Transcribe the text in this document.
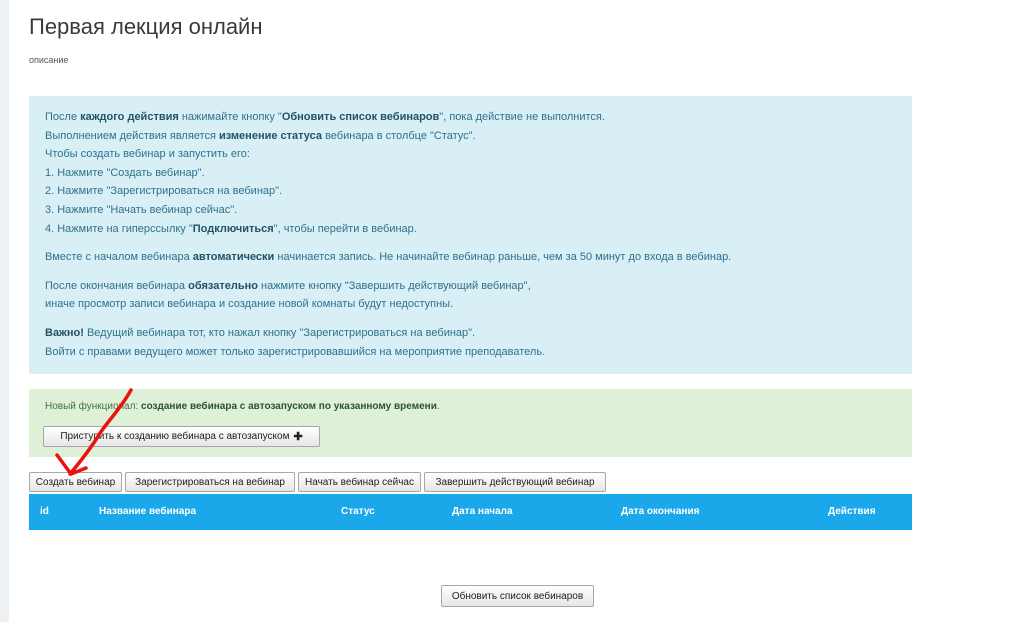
Первая лекция онлайн
описание

После каждого действия нажимайте кнопку "Обновить список вебинаров", пока действие не выполнится.
Выполнением действия является изменение статуса вебинара в столбце "Статус".
Чтобы создать вебинар и запустить его:
1. Нажмите "Создать вебинар".
2. Нажмите "Зарегистрироваться на вебинар".
3. Нажмите "Начать вебинар сейчас".
4. Нажмите на гиперссылку "Подключиться", чтобы перейти в вебинар.

Вместе с началом вебинара автоматически начинается запись. Не начинайте вебинар раньше, чем за 50 минут до входа в вебинар.

После окончания вебинара обязательно нажмите кнопку "Завершить действующий вебинар",
иначе просмотр записи вебинара и создание новой комнаты будут недоступны.

Важно! Ведущий вебинара тот, кто нажал кнопку "Зарегистрироваться на вебинар".
Войти с правами ведущего может только зарегистрировавшийся на мероприятие преподаватель.

Новый функционал: создание вебинара с автозапуском по указанному времени.
Приступить к созданию вебинара с автозапуском ✚
Создать вебинар	Зарегистрироваться на вебинар	Начать вебинар сейчас	Завершить действующий вебинар
id	Название вебинара	Статус	Дата начала	Дата окончания	Действия
Обновить список вебинаров
